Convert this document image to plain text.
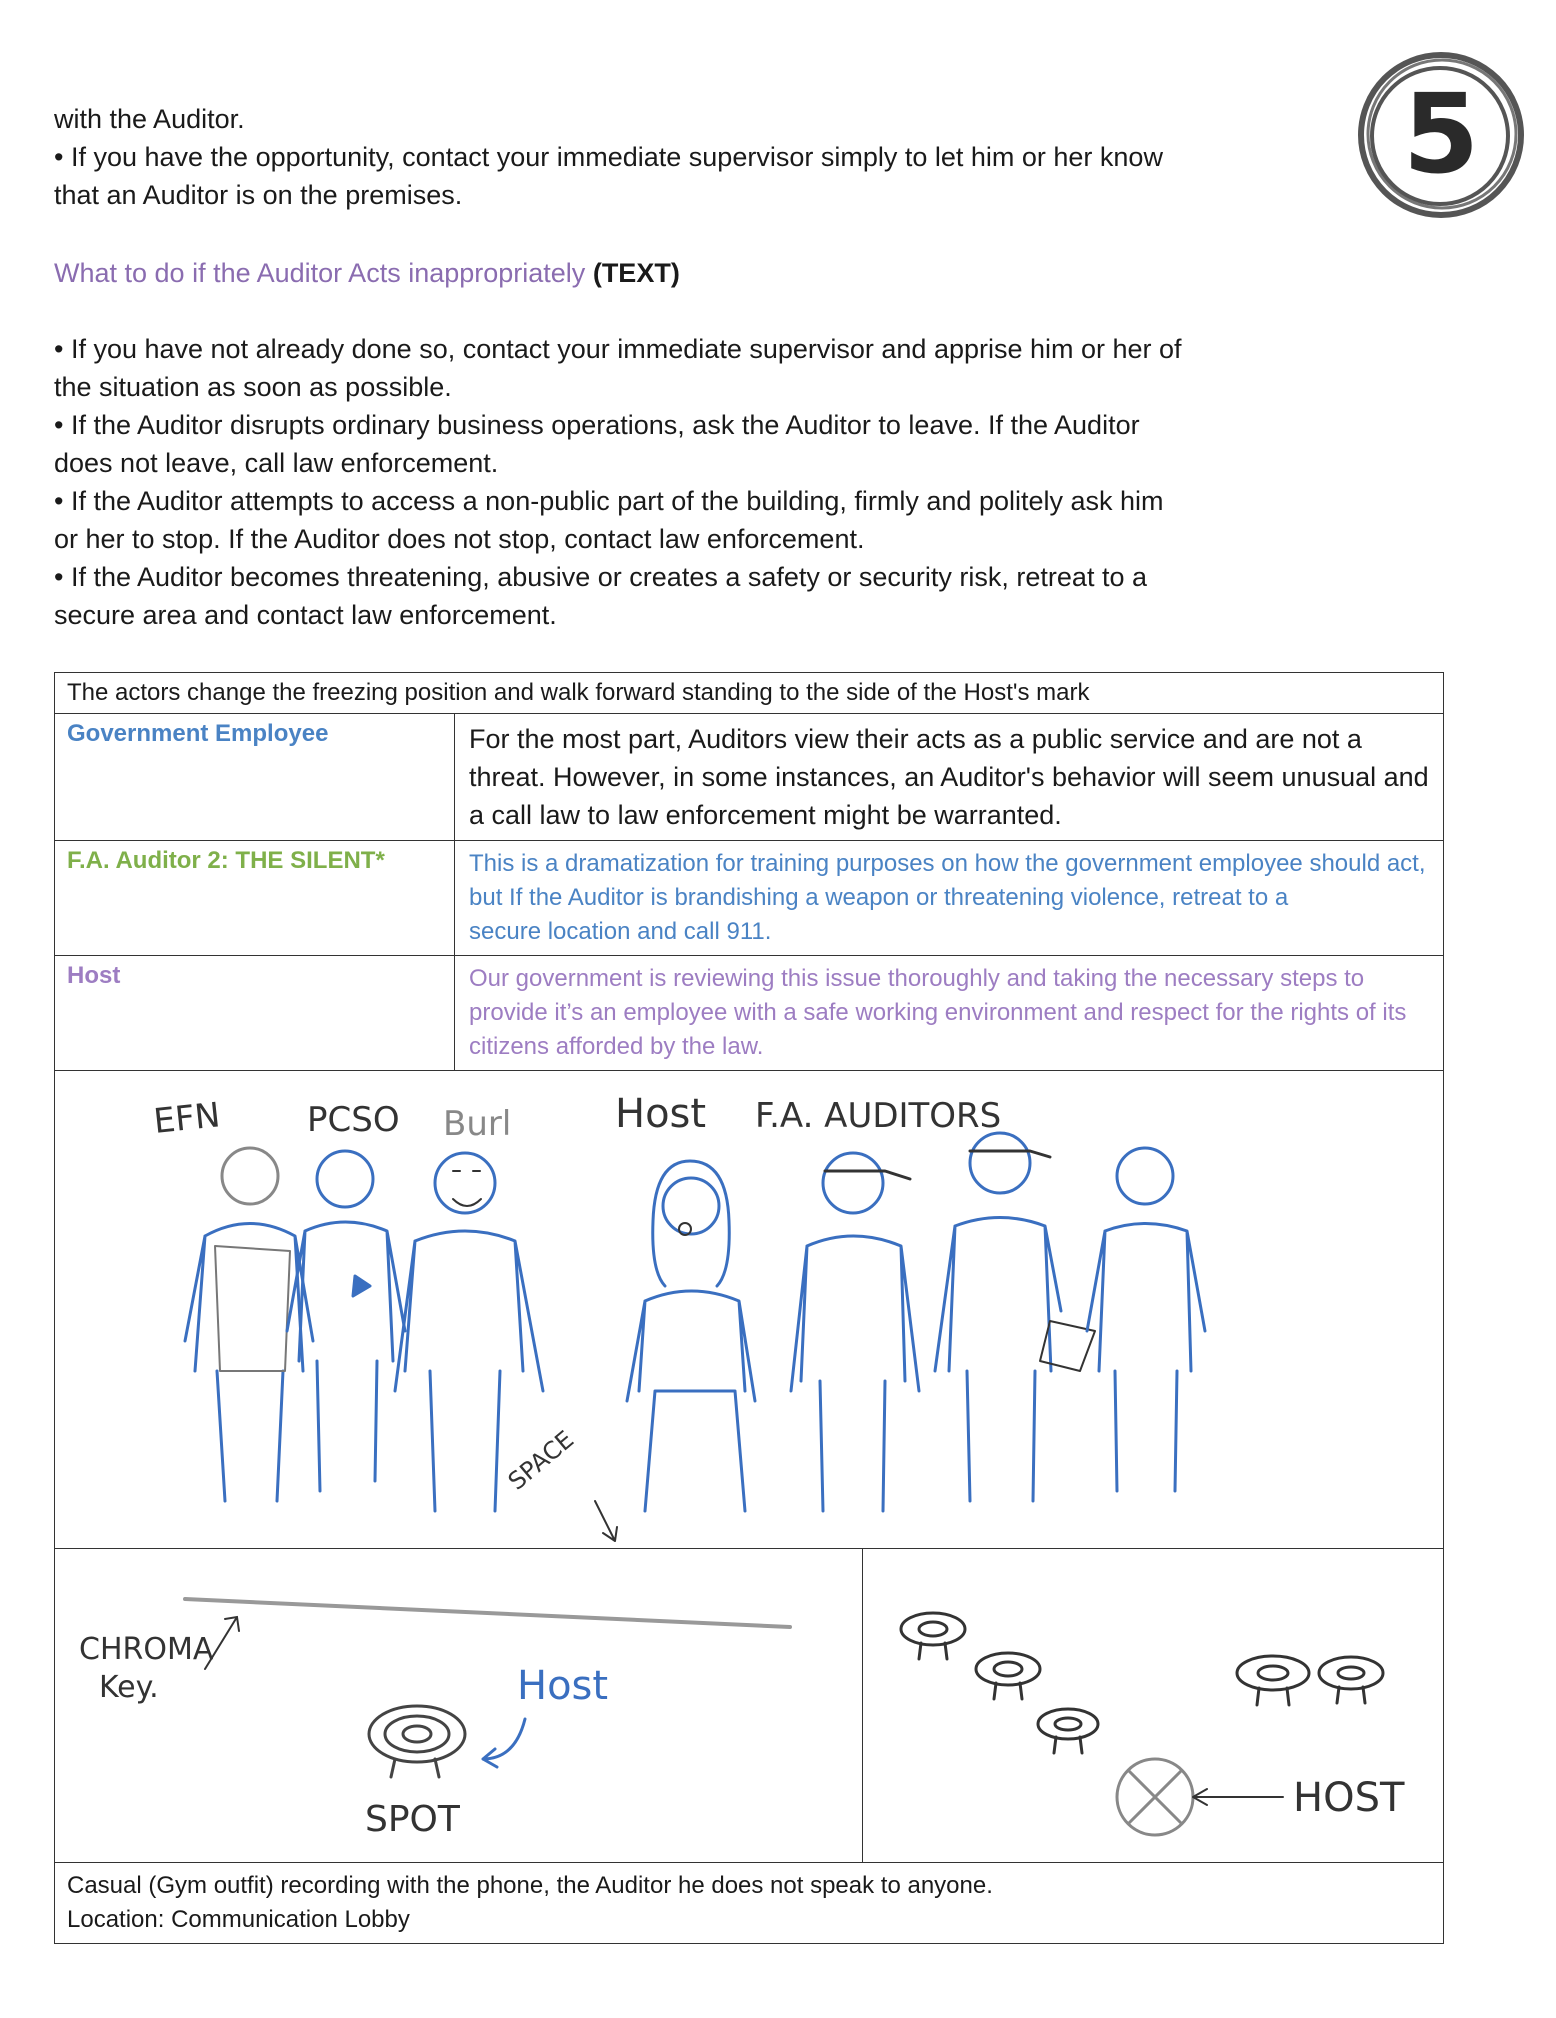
5

with the Auditor.

• If you have the opportunity, contact your immediate supervisor simply to let him or her know

that an Auditor is on the premises.

What to do if the Auditor Acts inappropriately (TEXT)

• If you have not already done so, contact your immediate supervisor and apprise him or her of

the situation as soon as possible.

• If the Auditor disrupts ordinary business operations, ask the Auditor to leave. If the Auditor

does not leave, call law enforcement.

• If the Auditor attempts to access a non-public part of the building, firmly and politely ask him

or her to stop. If the Auditor does not stop, contact law enforcement.

• If the Auditor becomes threatening, abusive or creates a safety or security risk, retreat to a

secure area and contact law enforcement.

The actors change the freezing position and walk forward standing to the side of the Host's mark
Government Employee	For the most part, Auditors view their acts as a public service and are not a threat. However, in some instances, an Auditor's behavior will seem unusual and a call law to law enforcement might be warranted.
F.A. Auditor 2: THE SILENT*	This is a dramatization for training purposes on how the government employee should act, but If the Auditor is brandishing a weapon or threatening violence, retreat to a
secure location and call 911.
Host	Our government is reviewing this issue thoroughly and taking the necessary steps to provide it’s an employee with a safe working environment and respect for the rights of its citizens afforded by the law.
EFN PCSO Burl	Host F.A. AUDITORS
SPACE
CHROMA
Key.	Host
SPOT	HOST

Casual (Gym outfit) recording with the phone, the Auditor he does not speak to anyone.

Location: Communication Lobby
